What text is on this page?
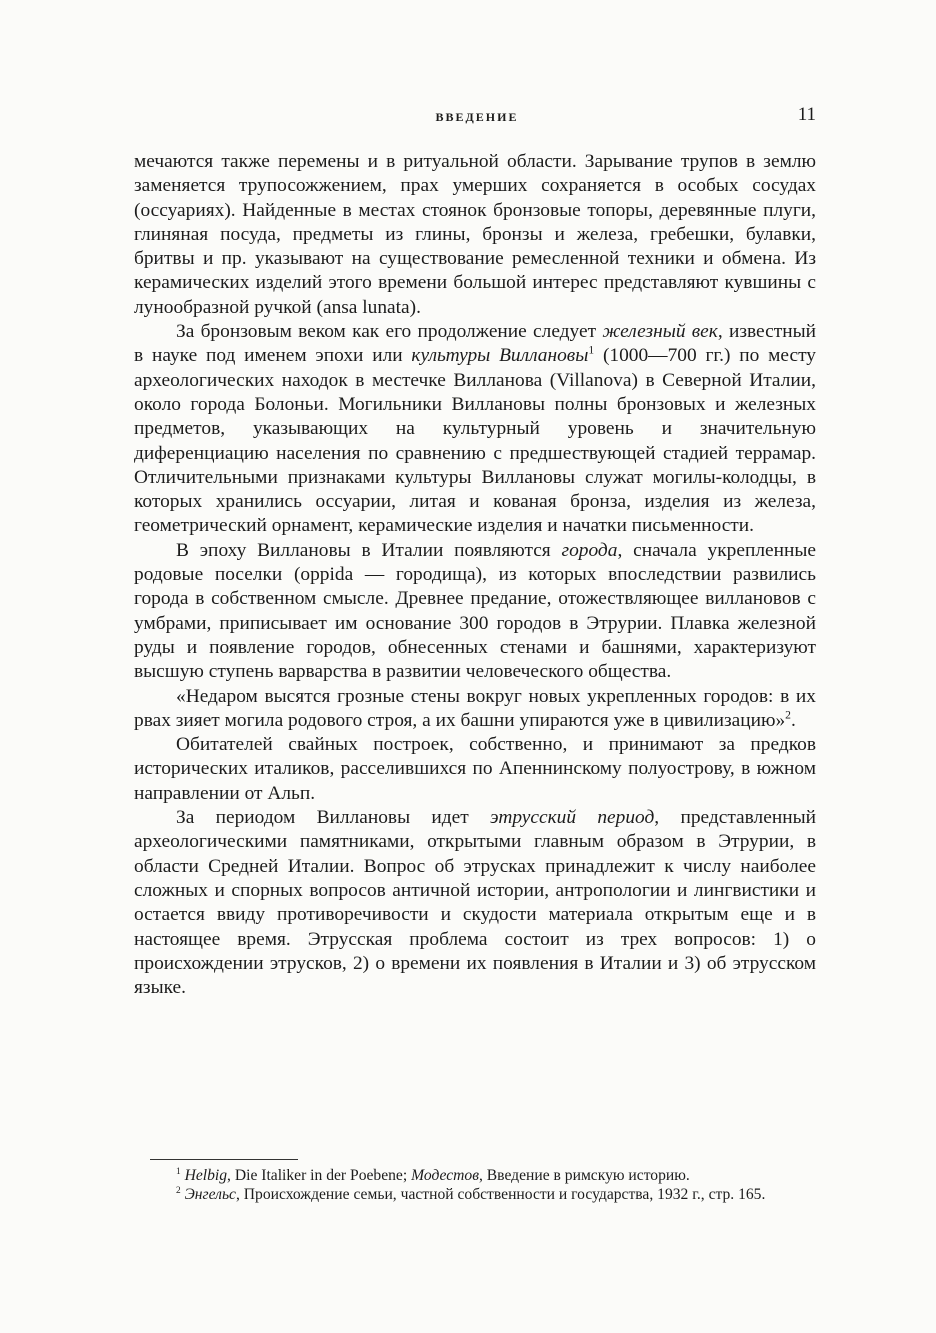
ВВЕДЕНИЕ	11

мечаются также перемены и в ритуальной области. Зарывание трупов в землю заменяется трупосожжением, прах умерших сохраняется в особых сосудах (оссуариях). Найденные в местах стоянок бронзовые топоры, деревянные плуги, глиняная посуда, предметы из глины, бронзы и железа, гребешки, булавки, бритвы и пр. указывают на существование ремесленной техники и обмена. Из керамических изделий этого времени большой интерес представляют кувшины с лунообразной ручкой (ansa lunata).

За бронзовым веком как его продолжение следует железный век, известный в науке под именем эпохи или культуры Виллановы$^1$ (1000—700 гг.) по месту археологических находок в местечке Вилланова (Villanova) в Северной Италии, около города Болоньи. Могильники Виллановы полны бронзовых и железных предметов, указывающих на культурный уровень и значительную диференциацию населения по сравнению с предшествующей стадией террамар. Отличительными признаками культуры Виллановы служат могилы-колодцы, в которых хранились оссуарии, литая и кованая бронза, изделия из железа, геометрический орнамент, керамические изделия и начатки письменности.

В эпоху Виллановы в Италии появляются города, сначала укрепленные родовые поселки (oppida — городища), из которых впоследствии развились города в собственном смысле. Древнее предание, отожествляющее виллановов с умбрами, приписывает им основание 300 городов в Этрурии. Плавка железной руды и появление городов, обнесенных стенами и башнями, характеризуют высшую ступень варварства в развитии человеческого общества.

«Недаром высятся грозные стены вокруг новых укрепленных городов: в их рвах зияет могила родового строя, а их башни упираются уже в цивилизацию»$^2$.

Обитателей свайных построек, собственно, и принимают за предков исторических италиков, расселившихся по Апеннинскому полуострову, в южном направлении от Альп.

За периодом Виллановы идет этрусский период, представленный археологическими памятниками, открытыми главным образом в Этрурии, в области Средней Италии. Вопрос об этрусках принадлежит к числу наиболее сложных и спорных вопросов античной истории, антропологии и лингвистики и остается ввиду противоречивости и скудости материала открытым еще и в настоящее время. Этрусская проблема состоит из трех вопросов: 1) о происхождении этрусков, 2) о времени их появления в Италии и 3) об этрусском языке.

$^1$ Helbig, Die Italiker in der Poebene; Модестов, Введение в римскую историю.

$^2$ Энгельс, Происхождение семьи, частной собственности и государства, 1932 г., стр. 165.
